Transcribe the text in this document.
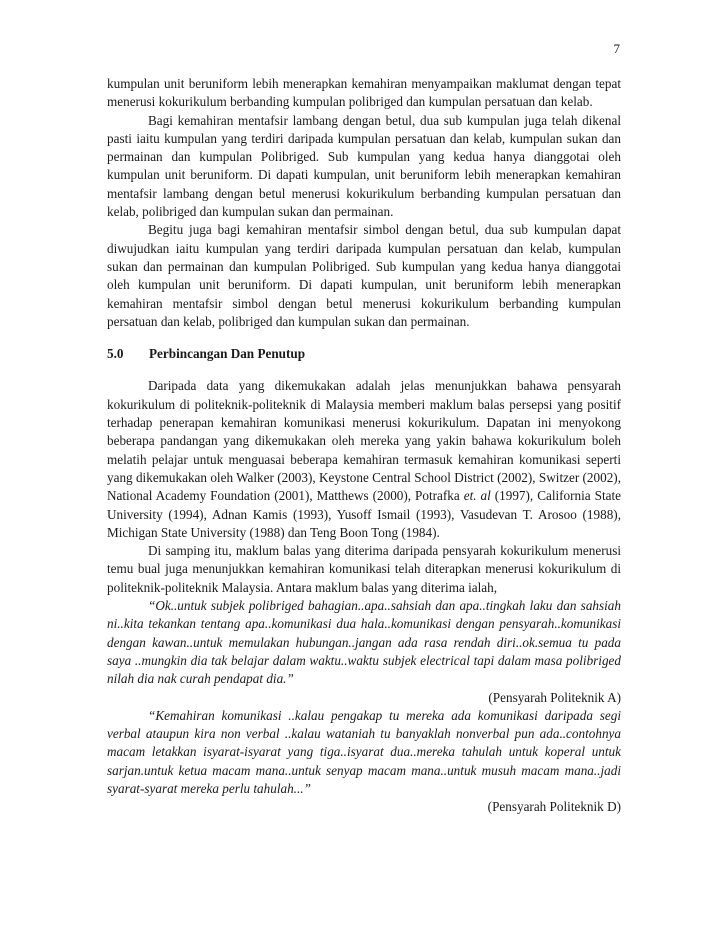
7

kumpulan unit beruniform lebih menerapkan kemahiran menyampaikan maklumat dengan tepat menerusi kokurikulum berbanding kumpulan polibriged dan kumpulan persatuan dan kelab.

Bagi kemahiran mentafsir lambang dengan betul, dua sub kumpulan juga telah dikenal pasti iaitu kumpulan yang terdiri daripada kumpulan persatuan dan kelab, kumpulan sukan dan permainan dan kumpulan Polibriged. Sub kumpulan yang kedua hanya dianggotai oleh kumpulan unit beruniform. Di dapati kumpulan, unit beruniform lebih menerapkan kemahiran mentafsir lambang dengan betul menerusi kokurikulum berbanding kumpulan persatuan dan kelab, polibriged dan kumpulan sukan dan permainan.

Begitu juga bagi kemahiran mentafsir simbol dengan betul, dua sub kumpulan dapat diwujudkan iaitu kumpulan yang terdiri daripada kumpulan persatuan dan kelab, kumpulan sukan dan permainan dan kumpulan Polibriged. Sub kumpulan yang kedua hanya dianggotai oleh kumpulan unit beruniform. Di dapati kumpulan, unit beruniform lebih menerapkan kemahiran mentafsir simbol dengan betul menerusi kokurikulum berbanding kumpulan persatuan dan kelab, polibriged dan kumpulan sukan dan permainan.

5.0 Perbincangan Dan Penutup

Daripada data yang dikemukakan adalah jelas menunjukkan bahawa pensyarah kokurikulum di politeknik-politeknik di Malaysia memberi maklum balas persepsi yang positif terhadap penerapan kemahiran komunikasi menerusi kokurikulum. Dapatan ini menyokong beberapa pandangan yang dikemukakan oleh mereka yang yakin bahawa kokurikulum boleh melatih pelajar untuk menguasai beberapa kemahiran termasuk kemahiran komunikasi seperti yang dikemukakan oleh Walker (2003), Keystone Central School District (2002), Switzer (2002), National Academy Foundation (2001), Matthews (2000), Potrafka et. al (1997), California State University (1994), Adnan Kamis (1993), Yusoff Ismail (1993), Vasudevan T. Arosoo (1988), Michigan State University (1988) dan Teng Boon Tong (1984).

Di samping itu, maklum balas yang diterima daripada pensyarah kokurikulum menerusi temu bual juga menunjukkan kemahiran komunikasi telah diterapkan menerusi kokurikulum di politeknik-politeknik Malaysia. Antara maklum balas yang diterima ialah,

“Ok..untuk subjek polibriged bahagian..apa..sahsiah dan apa..tingkah laku dan sahsiah ni..kita tekankan tentang apa..komunikasi dua hala..komunikasi dengan pensyarah..komunikasi dengan kawan..untuk memulakan hubungan..jangan ada rasa rendah diri..ok.semua tu pada saya ..mungkin dia tak belajar dalam waktu..waktu subjek electrical tapi dalam masa polibriged nilah dia nak curah pendapat dia.”

(Pensyarah Politeknik A)

“Kemahiran komunikasi ..kalau pengakap tu mereka ada komunikasi daripada segi verbal ataupun kira non verbal ..kalau wataniah tu banyaklah nonverbal pun ada..contohnya macam letakkan isyarat-isyarat yang tiga..isyarat dua..mereka tahulah untuk koperal untuk sarjan.untuk ketua macam mana..untuk senyap macam mana..untuk musuh macam mana..jadi syarat-syarat mereka perlu tahulah...”

(Pensyarah Politeknik D)
